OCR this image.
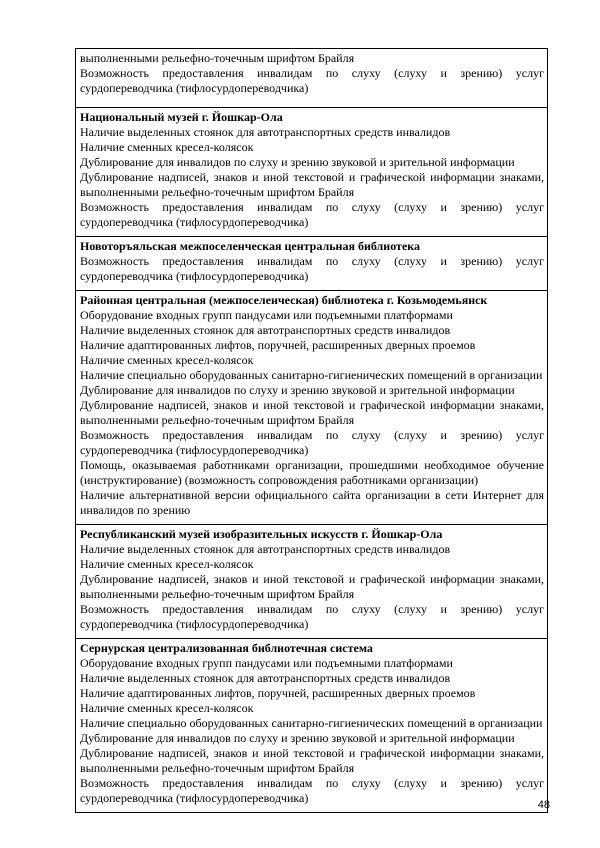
выполненными рельефно-точечным шрифтом Брайля

Возможность предоставления инвалидам по слуху (слуху и зрению) услуг сурдопереводчика (тифлосурдопереводчика)

Национальный музей г. Йошкар-Ола

Наличие выделенных стоянок для автотранспортных средств инвалидов

Наличие сменных кресел-колясок

Дублирование для инвалидов по слуху и зрению звуковой и зрительной информации

Дублирование надписей, знаков и иной текстовой и графической информации знаками, выполненными рельефно-точечным шрифтом Брайля

Возможность предоставления инвалидам по слуху (слуху и зрению) услуг сурдопереводчика (тифлосурдопереводчика)

Новоторъяльская межпоселенческая центральная библиотека

Возможность предоставления инвалидам по слуху (слуху и зрению) услуг сурдопереводчика (тифлосурдопереводчика)

Районная центральная (межпоселенческая) библиотека г. Козьмодемьянск

Оборудование входных групп пандусами или подъемными платформами

Наличие выделенных стоянок для автотранспортных средств инвалидов

Наличие адаптированных лифтов, поручней, расширенных дверных проемов

Наличие сменных кресел-колясок

Наличие специально оборудованных санитарно-гигиенических помещений в организации

Дублирование для инвалидов по слуху и зрению звуковой и зрительной информации

Дублирование надписей, знаков и иной текстовой и графической информации знаками, выполненными рельефно-точечным шрифтом Брайля

Возможность предоставления инвалидам по слуху (слуху и зрению) услуг сурдопереводчика (тифлосурдопереводчика)

Помощь, оказываемая работниками организации, прошедшими необходимое обучение (инструктирование) (возможность сопровождения работниками организации)

Наличие альтернативной версии официального сайта организации в сети Интернет для инвалидов по зрению

Республиканский музей изобразительных искусств г. Йошкар-Ола

Наличие выделенных стоянок для автотранспортных средств инвалидов

Наличие сменных кресел-колясок

Дублирование надписей, знаков и иной текстовой и графической информации знаками, выполненными рельефно-точечным шрифтом Брайля

Возможность предоставления инвалидам по слуху (слуху и зрению) услуг сурдопереводчика (тифлосурдопереводчика)

Сернурская централизованная библиотечная система

Оборудование входных групп пандусами или подъемными платформами

Наличие выделенных стоянок для автотранспортных средств инвалидов

Наличие адаптированных лифтов, поручней, расширенных дверных проемов

Наличие сменных кресел-колясок

Наличие специально оборудованных санитарно-гигиенических помещений в организации

Дублирование для инвалидов по слуху и зрению звуковой и зрительной информации

Дублирование надписей, знаков и иной текстовой и графической информации знаками, выполненными рельефно-точечным шрифтом Брайля

Возможность предоставления инвалидам по слуху (слуху и зрению) услуг сурдопереводчика (тифлосурдопереводчика)	48
